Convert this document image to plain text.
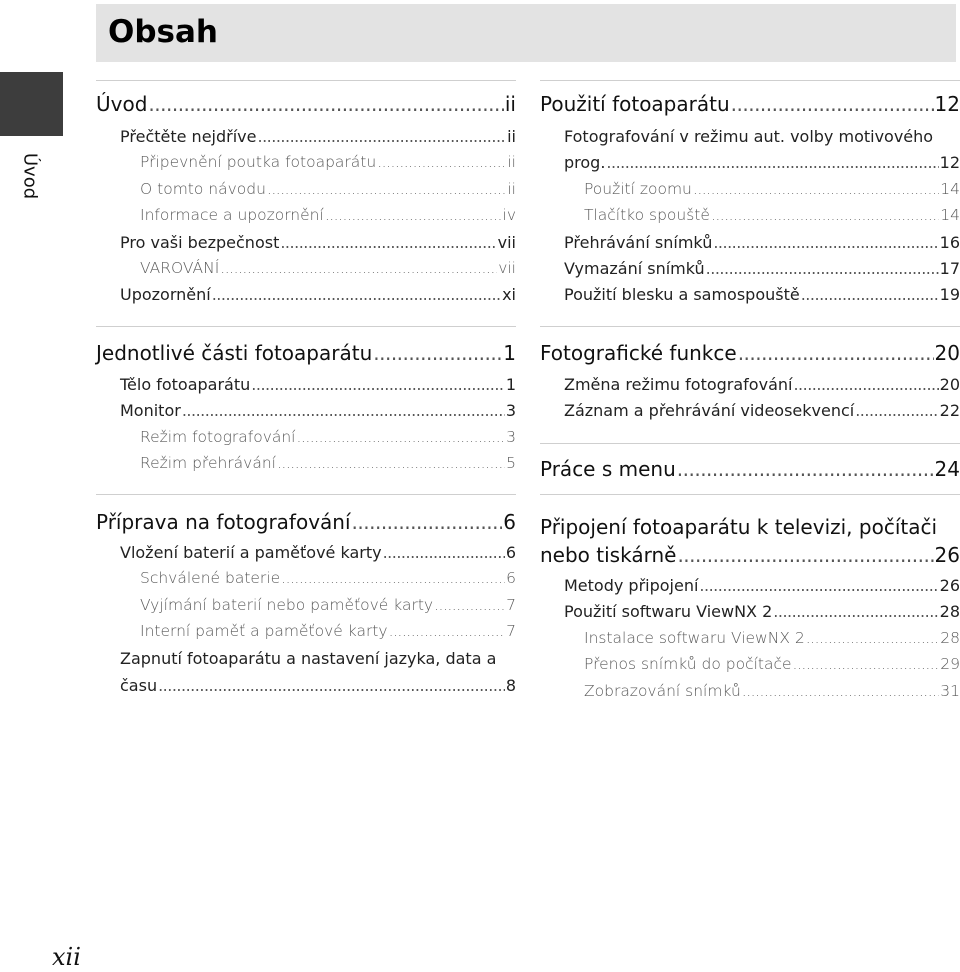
Obsah
Úvod
Úvod .....	ii
Přečtěte nejdříve .....	ii
Připevnění poutka fotoaparátu .....	ii
O tomto návodu .....	ii
Informace a upozornění .....	iv
Pro vaši bezpečnost .....	vii
VAROVÁNÍ .....	vii
Upozornění .....	xi
Jednotlivé části fotoaparátu .....	1
Tělo fotoaparátu .....	1
Monitor .....	3
Režim fotografování .....	3
Režim přehrávání .....	5
Příprava na fotografování .....	6
Vložení baterií a paměťové karty .....	6
Schválené baterie .....	6
Vyjímání baterií nebo paměťové karty .....	7
Interní paměť a paměťové karty .....	7
Zapnutí fotoaparátu a nastavení jazyka, data a
času .....	8
Použití fotoaparátu .....	12
Fotografování v režimu aut. volby motivového
prog. .....	12
Použití zoomu .....	14
Tlačítko spouště .....	14
Přehrávání snímků .....	16
Vymazání snímků .....	17
Použití blesku a samospouště .....	19
Fotografické funkce .....	20
Změna režimu fotografování .....	20
Záznam a přehrávání videosekvencí .....	22
Práce s menu .....	24
Připojení fotoaparátu k televizi, počítači
nebo tiskárně .....	26
Metody připojení .....	26
Použití softwaru ViewNX 2 .....	28
Instalace softwaru ViewNX 2 .....	28
Přenos snímků do počítače .....	29
Zobrazování snímků .....	31
xii
